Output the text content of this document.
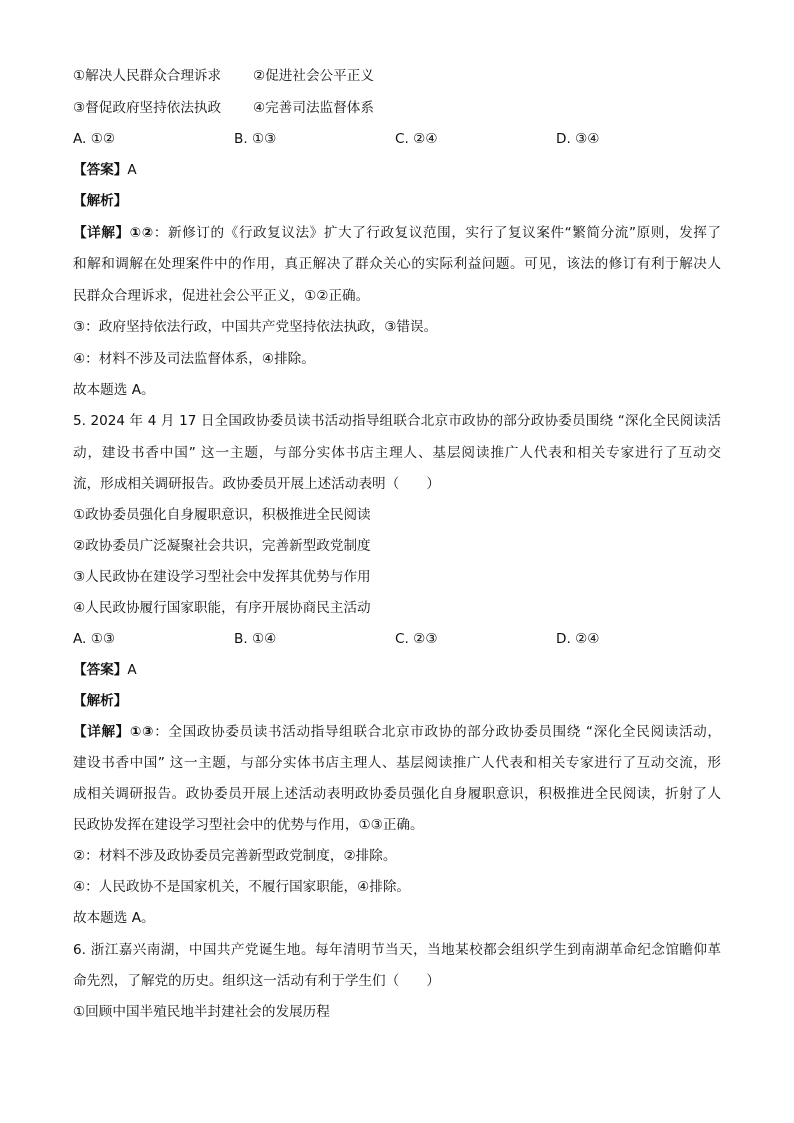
①解决人民群众合理诉求 ②促进社会公平正义
③督促政府坚持依法执政 ④完善司法监督体系
A. ①②	B. ①③	C. ②④	D. ③④
【答案】A
【解析】
【详解】①②：新修订的《行政复议法》扩大了行政复议范围，实行了复议案件“繁简分流”原则，发挥了
和解和调解在处理案件中的作用，真正解决了群众关心的实际利益问题。可见，该法的修订有利于解决人
民群众合理诉求，促进社会公平正义，①②正确。
③：政府坚持依法行政，中国共产党坚持依法执政，③错误。
④：材料不涉及司法监督体系，④排除。
故本题选 A。
5. 2024 年 4 月 17 日全国政协委员读书活动指导组联合北京市政协的部分政协委员围绕 “深化全民阅读活
动，建设书香中国” 这一主题，与部分实体书店主理人、基层阅读推广人代表和相关专家进行了互动交
流，形成相关调研报告。政协委员开展上述活动表明（　　）
①政协委员强化自身履职意识，积极推进全民阅读
②政协委员广泛凝聚社会共识，完善新型政党制度
③人民政协在建设学习型社会中发挥其优势与作用
④人民政协履行国家职能，有序开展协商民主活动
A. ①③	B. ①④	C. ②③	D. ②④
【答案】A
【解析】
【详解】①③：全国政协委员读书活动指导组联合北京市政协的部分政协委员围绕 “深化全民阅读活动，
建设书香中国” 这一主题，与部分实体书店主理人、基层阅读推广人代表和相关专家进行了互动交流，形
成相关调研报告。政协委员开展上述活动表明政协委员强化自身履职意识，积极推进全民阅读，折射了人
民政协发挥在建设学习型社会中的优势与作用，①③正确。
②：材料不涉及政协委员完善新型政党制度，②排除。
④：人民政协不是国家机关，不履行国家职能，④排除。
故本题选 A。
6. 浙江嘉兴南湖，中国共产党诞生地。每年清明节当天，当地某校都会组织学生到南湖革命纪念馆瞻仰革
命先烈，了解党的历史。组织这一活动有利于学生们（　　）
①回顾中国半殖民地半封建社会的发展历程
